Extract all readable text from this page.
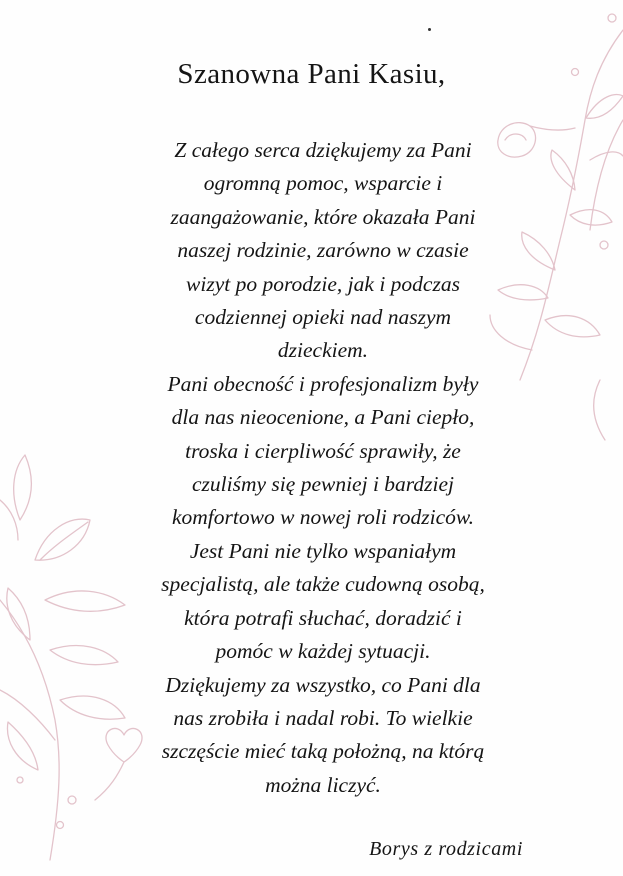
Szanowna Pani Kasiu,
Z całego serca dziękujemy za Pani
ogromną pomoc, wsparcie i
zaangażowanie, które okazała Pani
naszej rodzinie, zarówno w czasie
wizyt po porodzie, jak i podczas
codziennej opieki nad naszym
dzieckiem.
Pani obecność i profesjonalizm były
dla nas nieocenione, a Pani ciepło,
troska i cierpliwość sprawiły, że
czuliśmy się pewniej i bardziej
komfortowo w nowej roli rodziców.
Jest Pani nie tylko wspaniałym
specjalistą, ale także cudowną osobą,
która potrafi słuchać, doradzić i
pomóc w każdej sytuacji.
Dziękujemy za wszystko, co Pani dla
nas zrobiła i nadal robi. To wielkie
szczęście mieć taką położną, na którą
można liczyć.
Borys z rodzicami
